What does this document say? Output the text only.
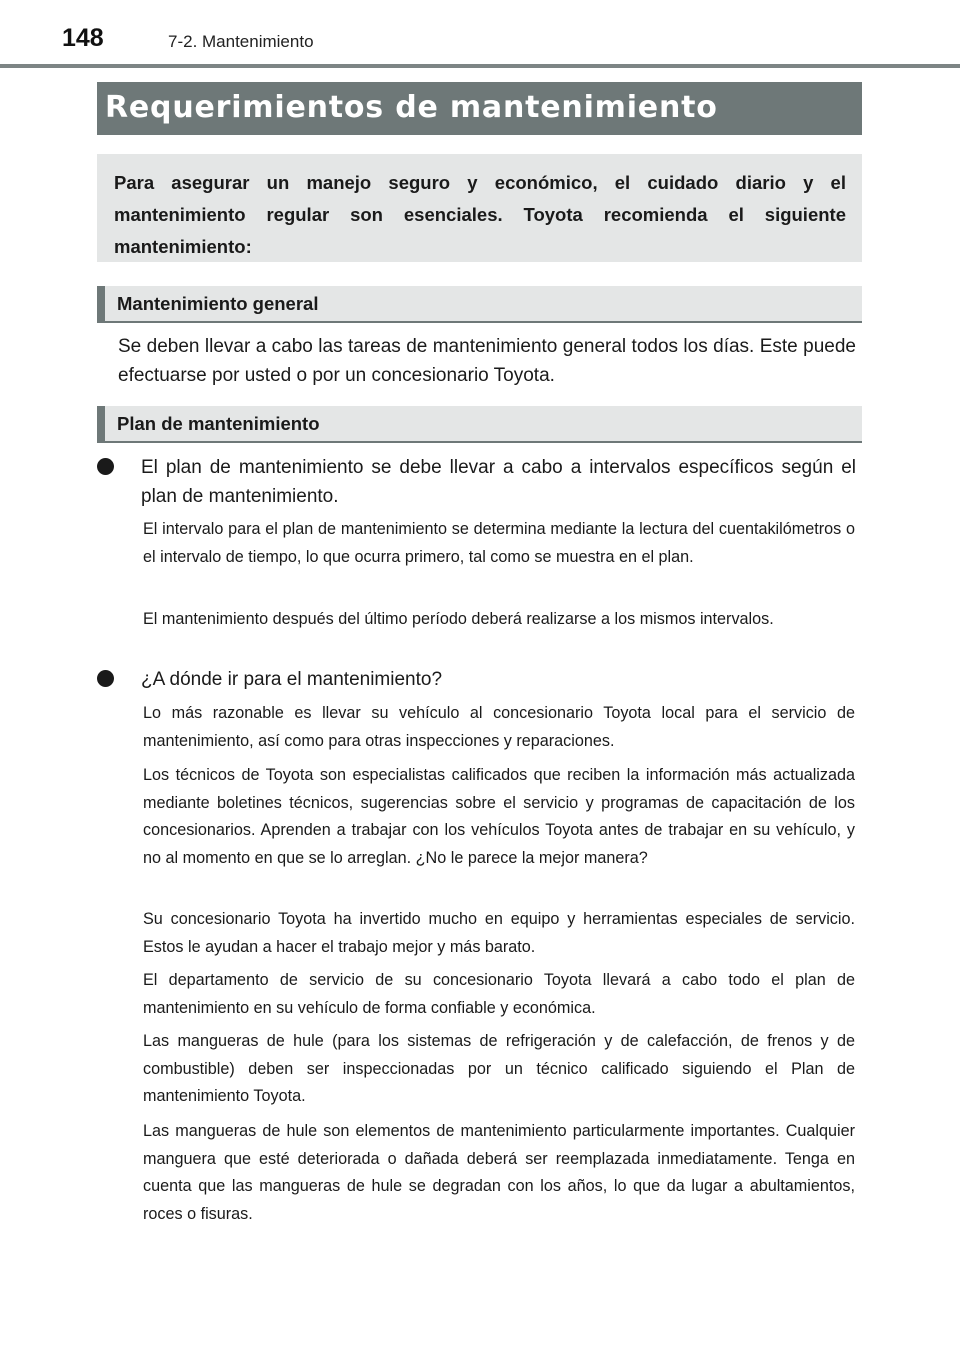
148	7-2. Mantenimiento
Requerimientos de mantenimiento

Para asegurar un manejo seguro y económico, el cuidado diario y el mantenimiento regular son esenciales. Toyota recomienda el siguiente mantenimiento:

Mantenimiento general

Se deben llevar a cabo las tareas de mantenimiento general todos los días. Este puede efectuarse por usted o por un concesionario Toyota.

Plan de mantenimiento

El plan de mantenimiento se debe llevar a cabo a intervalos específicos según el plan de mantenimiento.

El intervalo para el plan de mantenimiento se determina mediante la lectura del cuentakilómetros o el intervalo de tiempo, lo que ocurra primero, tal como se muestra en el plan.

El mantenimiento después del último período deberá realizarse a los mismos intervalos.

¿A dónde ir para el mantenimiento?

Lo más razonable es llevar su vehículo al concesionario Toyota local para el servicio de mantenimiento, así como para otras inspecciones y reparaciones.

Los técnicos de Toyota son especialistas calificados que reciben la información más actualizada mediante boletines técnicos, sugerencias sobre el servicio y programas de capacitación de los concesionarios. Aprenden a trabajar con los vehículos Toyota antes de trabajar en su vehículo, y no al momento en que se lo arreglan. ¿No le parece la mejor manera?

Su concesionario Toyota ha invertido mucho en equipo y herramientas especiales de servicio. Estos le ayudan a hacer el trabajo mejor y más barato.

El departamento de servicio de su concesionario Toyota llevará a cabo todo el plan de mantenimiento en su vehículo de forma confiable y económica.

Las mangueras de hule (para los sistemas de refrigeración y de calefacción, de frenos y de combustible) deben ser inspeccionadas por un técnico calificado siguiendo el Plan de mantenimiento Toyota.

Las mangueras de hule son elementos de mantenimiento particularmente importantes. Cualquier manguera que esté deteriorada o dañada deberá ser reemplazada inmediatamente. Tenga en cuenta que las mangueras de hule se degradan con los años, lo que da lugar a abultamientos, roces o fisuras.
